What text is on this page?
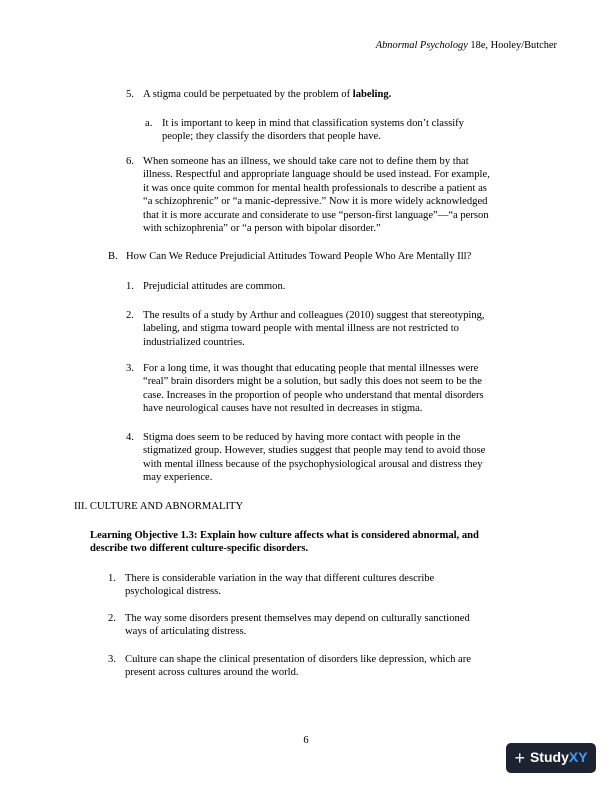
Abnormal Psychology 18e, Hooley/Butcher
5. A stigma could be perpetuated by the problem of labeling.
a. It is important to keep in mind that classification systems don’t classify
people; they classify the disorders that people have.
6. When someone has an illness, we should take care not to define them by that
illness. Respectful and appropriate language should be used instead. For example,
it was once quite common for mental health professionals to describe a patient as
“a schizophrenic” or “a manic-depressive.” Now it is more widely acknowledged
that it is more accurate and considerate to use “person-first language”—“a person
with schizophrenia” or “a person with bipolar disorder.”
B. How Can We Reduce Prejudicial Attitudes Toward People Who Are Mentally Ill?
1. Prejudicial attitudes are common.
2. The results of a study by Arthur and colleagues (2010) suggest that stereotyping,
labeling, and stigma toward people with mental illness are not restricted to
industrialized countries.
3. For a long time, it was thought that educating people that mental illnesses were
“real” brain disorders might be a solution, but sadly this does not seem to be the
case. Increases in the proportion of people who understand that mental disorders
have neurological causes have not resulted in decreases in stigma.
4. Stigma does seem to be reduced by having more contact with people in the
stigmatized group. However, studies suggest that people may tend to avoid those
with mental illness because of the psychophysiological arousal and distress they
may experience.
III. CULTURE AND ABNORMALITY
Learning Objective 1.3: Explain how culture affects what is considered abnormal, and
describe two different culture-specific disorders.
1. There is considerable variation in the way that different cultures describe
psychological distress.
2. The way some disorders present themselves may depend on culturally sanctioned
ways of articulating distress.
3. Culture can shape the clinical presentation of disorders like depression, which are
present across cultures around the world.
6
+ StudyXY
